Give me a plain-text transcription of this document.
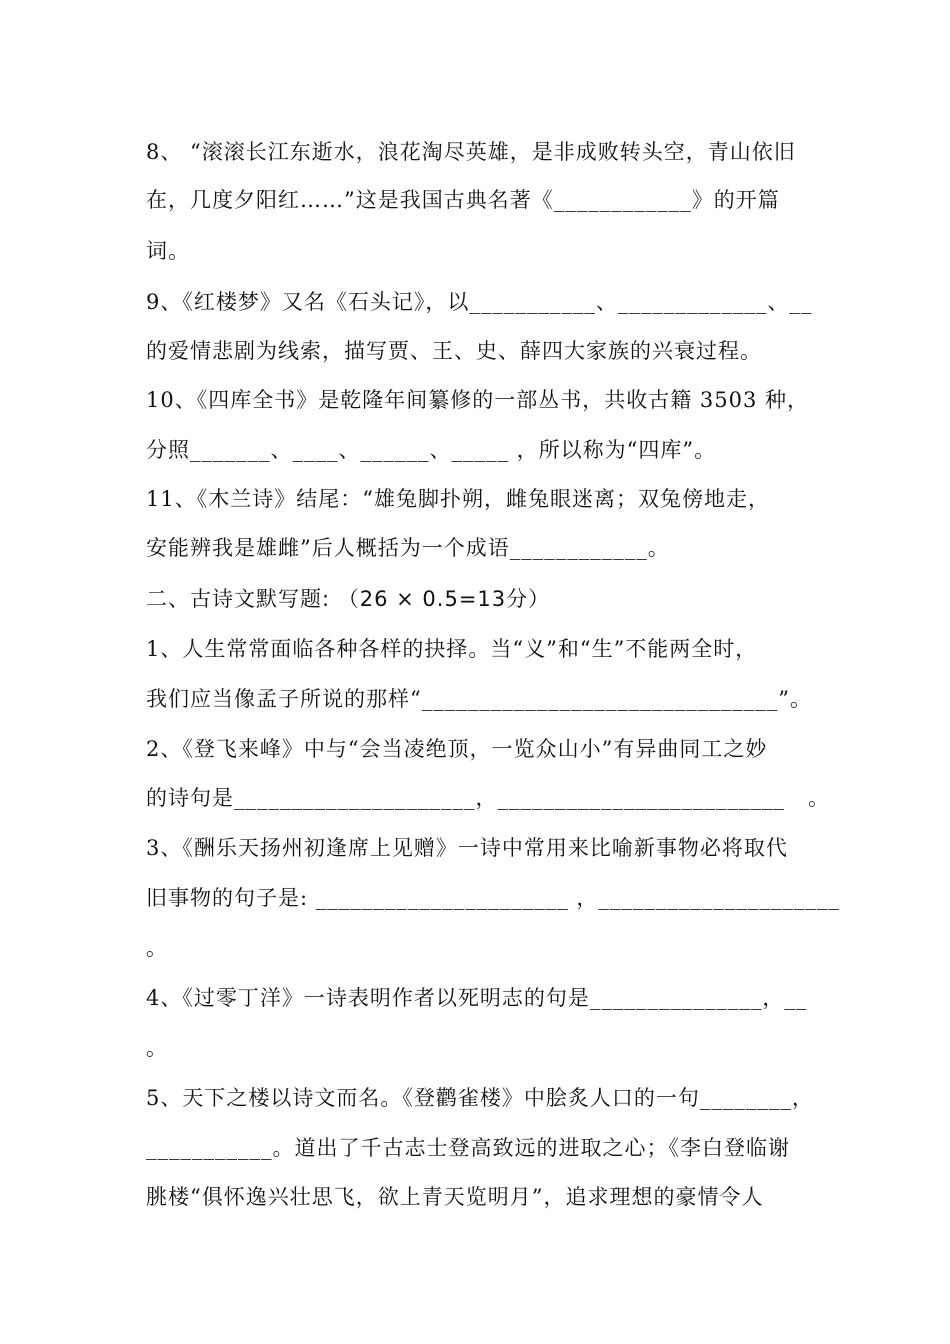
8、 “滚滚长江东逝水，浪花淘尽英雄，是非成败转头空，青山依旧
在，几度夕阳红……”这是我国古典名著《____________》的开篇
词。
9、《红楼梦》又名《石头记》，以___________、_____________、__
的爱情悲剧为线索，描写贾、王、史、薛四大家族的兴衰过程。
10、《四库全书》是乾隆年间纂修的一部丛书，共收古籍 3503 种，
分照_______、____、______、_____ ，所以称为“四库”。
11、《木兰诗》结尾：“雄兔脚扑朔，雌兔眼迷离；双兔傍地走，
安能辨我是雄雌”后人概括为一个成语____________。
二、古诗文默写题: （26 × 0.5=13分）
1、人生常常面临各种各样的抉择。当“义”和“生”不能两全时，
我们应当像孟子所说的那样“_______________________________”。
2、《登飞来峰》中与“会当凌绝顶，一览众山小”有异曲同工之妙
的诗句是_____________________，_________________________   。
3、《酬乐天扬州初逢席上见赠》一诗中常用来比喻新事物必将取代
旧事物的句子是: ______________________ ，_____________________
。
4、《过零丁洋》一诗表明作者以死明志的句是_______________，__
。
5、天下之楼以诗文而名。《登鹳雀楼》中脍炙人口的一句________，
___________。道出了千古志士登高致远的进取之心；《李白登临谢
朓楼“俱怀逸兴壮思飞，欲上青天览明月”，追求理想的豪情令人
